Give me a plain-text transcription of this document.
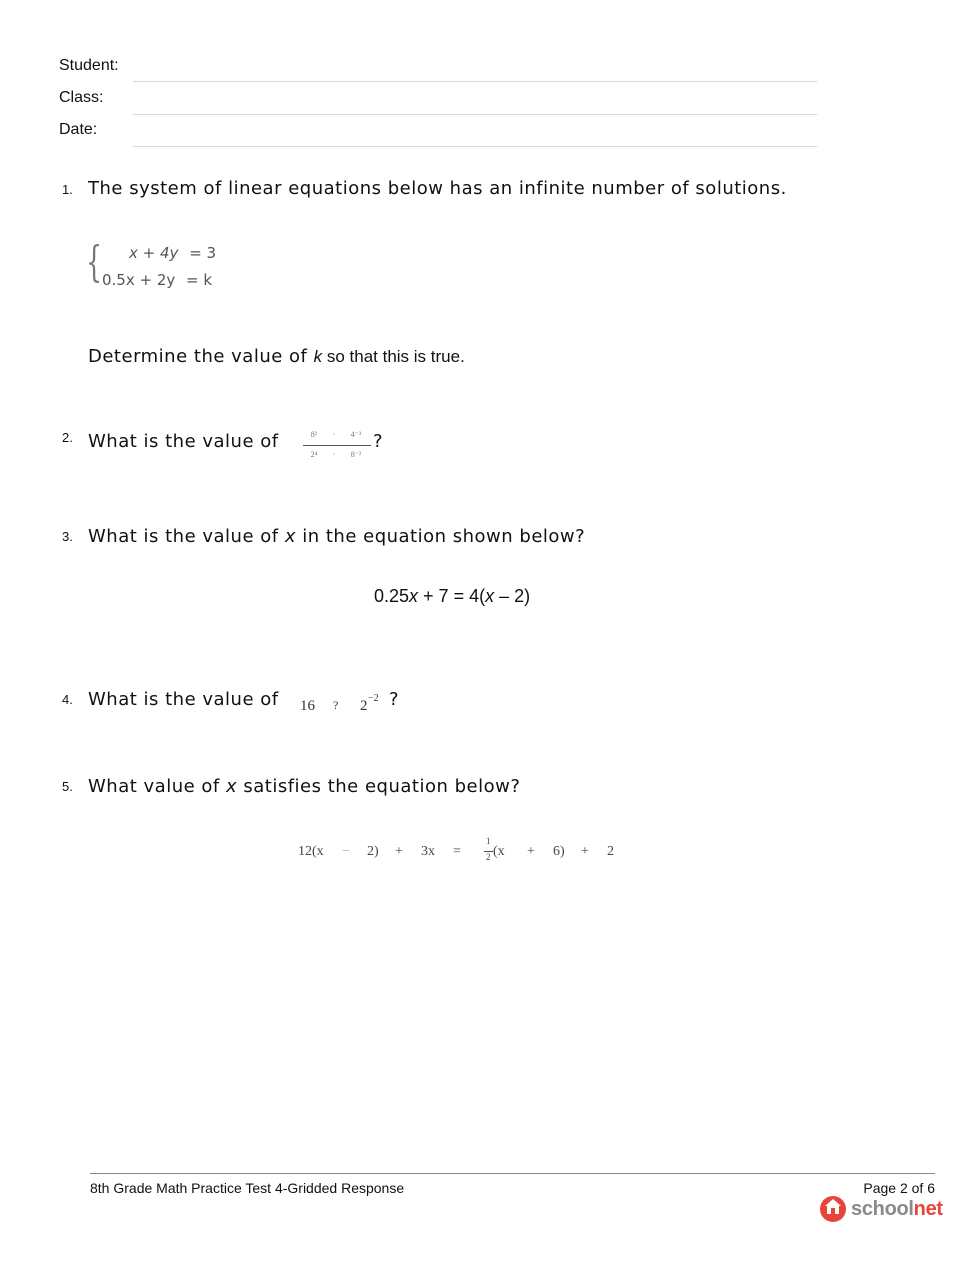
Student:
Class:
Date:
1. The system of linear equations below has an infinite number of solutions.
{ x + 4y = 3
0.5x + 2y = k
Determine the value of k so that this is true.
2. What is the value of	8² · 4⁻³
2⁴ · 8⁻²
?
3. What is the value of x in the equation shown below?
0.25x + 7 = 4(x – 2)
4. What is the value of 16 ? 2 −2 ?
5. What value of x satisfies the equation below?
12(x − 2) + 3x =
1
2 (x + 6) + 2
8th Grade Math Practice Test 4-Gridded Response	Page 2 of 6
schoolnet
